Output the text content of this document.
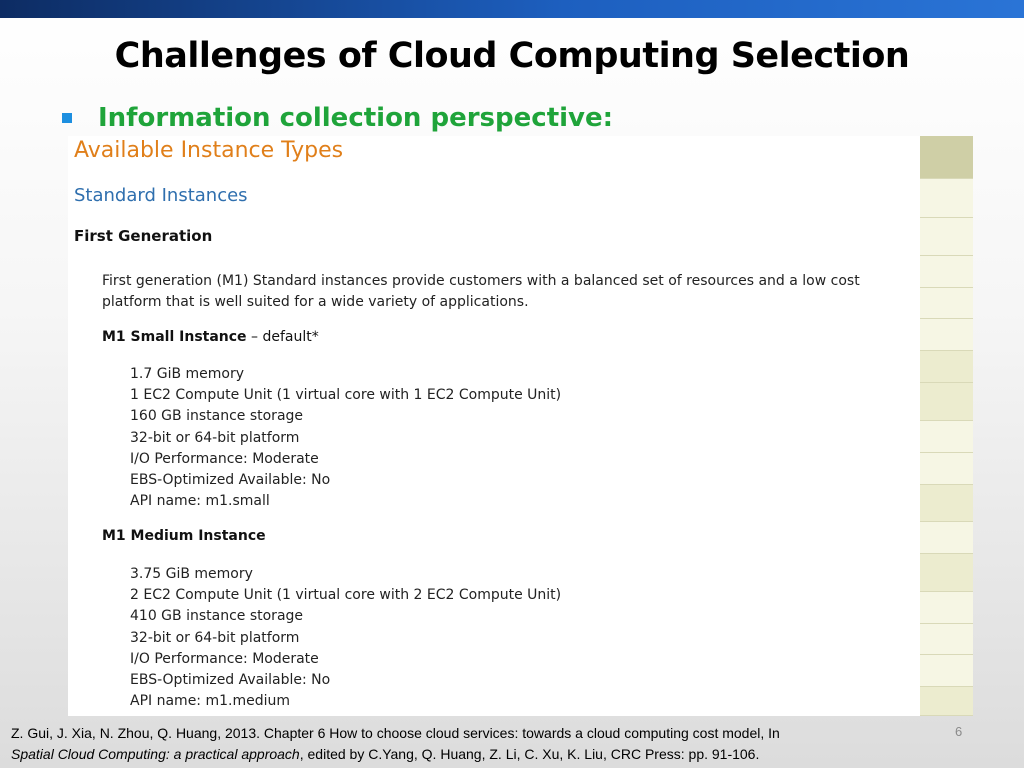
Challenges of Cloud Computing Selection
Information collection perspective:
Available Instance Types
Standard Instances
First Generation
First generation (M1) Standard instances provide customers with a balanced set of resources and a low cost
platform that is well suited for a wide variety of applications.
M1 Small Instance – default*
1.7 GiB memory
1 EC2 Compute Unit (1 virtual core with 1 EC2 Compute Unit)
160 GB instance storage
32-bit or 64-bit platform
I/O Performance: Moderate
EBS-Optimized Available: No
API name: m1.small
M1 Medium Instance
3.75 GiB memory
2 EC2 Compute Unit (1 virtual core with 2 EC2 Compute Unit)
410 GB instance storage
32-bit or 64-bit platform
I/O Performance: Moderate
EBS-Optimized Available: No
API name: m1.medium
Z. Gui, J. Xia, N. Zhou, Q. Huang, 2013. Chapter 6 How to choose cloud services: towards a cloud computing cost model, In
Spatial Cloud Computing: a practical approach, edited by C.Yang, Q. Huang, Z. Li, C. Xu, K. Liu, CRC Press: pp. 91-106.
6
